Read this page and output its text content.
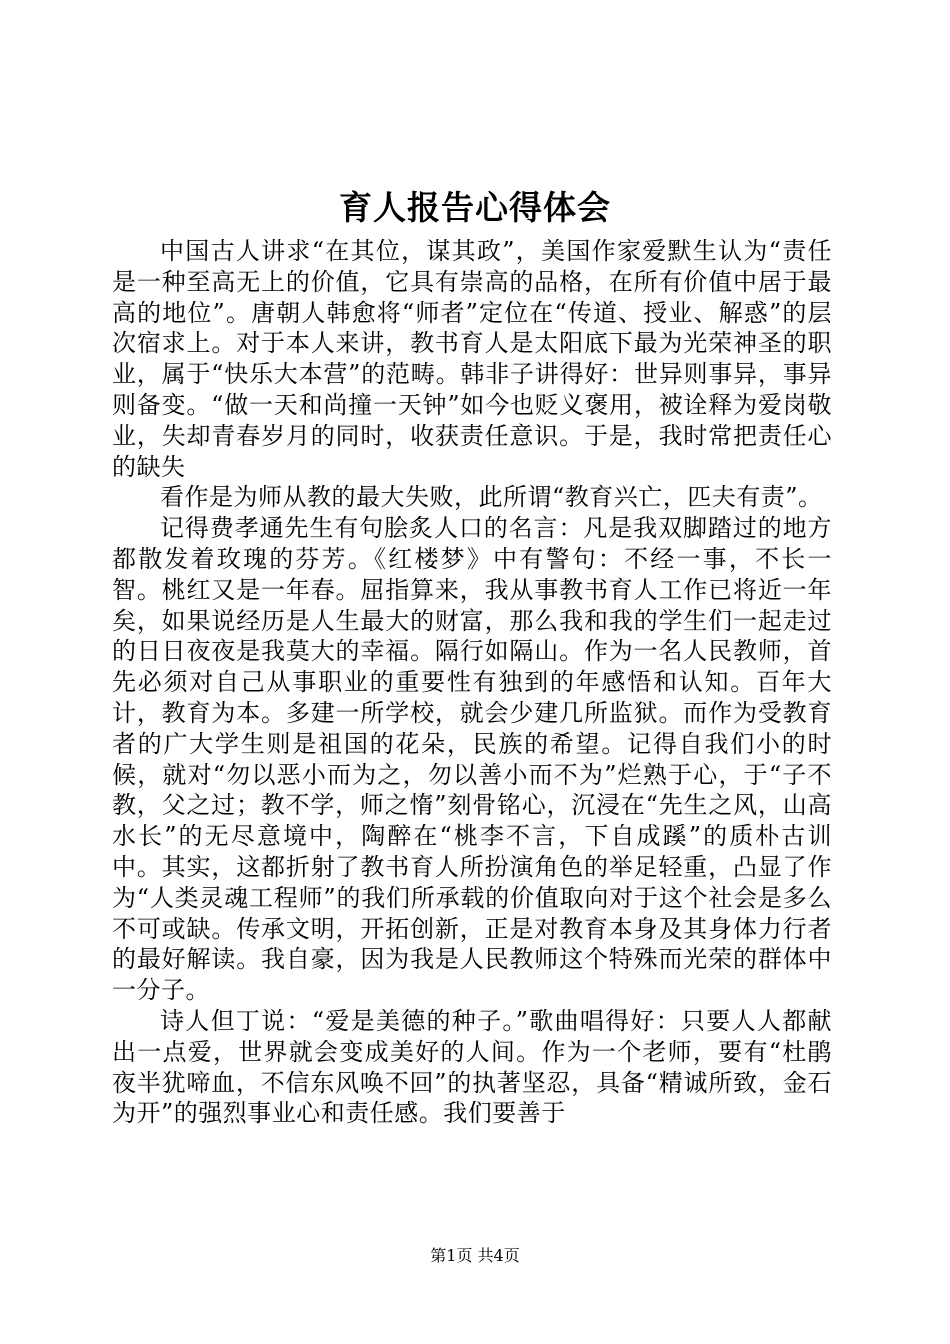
育人报告心得体会

中国古人讲求“在其位，谋其政”，美国作家爱默生认为“责任是一种至高无上的价值，它具有崇高的品格，在所有价值中居于最高的地位”。唐朝人韩愈将“师者”定位在“传道、授业、解惑”的层次宿求上。对于本人来讲，教书育人是太阳底下最为光荣神圣的职业，属于“快乐大本营”的范畴。韩非子讲得好：世异则事异，事异则备变。“做一天和尚撞一天钟”如今也贬义褒用，被诠释为爱岗敬业，失却青春岁月的同时，收获责任意识。于是，我时常把责任心的缺失

看作是为师从教的最大失败，此所谓“教育兴亡，匹夫有责”。

记得费孝通先生有句脍炙人口的名言：凡是我双脚踏过的地方都散发着玫瑰的芬芳。《红楼梦》中有警句：不经一事，不长一智。桃红又是一年春。屈指算来，我从事教书育人工作已将近一年矣，如果说经历是人生最大的财富，那么我和我的学生们一起走过的日日夜夜是我莫大的幸福。隔行如隔山。作为一名人民教师，首先必须对自己从事职业的重要性有独到的年感悟和认知。百年大计，教育为本。多建一所学校，就会少建几所监狱。而作为受教育者的广大学生则是祖国的花朵，民族的希望。记得自我们小的时候，就对“勿以恶小而为之，勿以善小而不为”烂熟于心，于“子不教，父之过；教不学，师之惰”刻骨铭心，沉浸在“先生之风，山高水长”的无尽意境中，陶醉在“桃李不言，下自成蹊”的质朴古训中。其实，这都折射了教书育人所扮演角色的举足轻重，凸显了作为“人类灵魂工程师”的我们所承载的价值取向对于这个社会是多么不可或缺。传承文明，开拓创新，正是对教育本身及其身体力行者的最好解读。我自豪，因为我是人民教师这个特殊而光荣的群体中一分子。

诗人但丁说：“爱是美德的种子。”歌曲唱得好：只要人人都献出一点爱，世界就会变成美好的人间。作为一个老师，要有“杜鹃夜半犹啼血，不信东风唤不回”的执著坚忍，具备“精诚所致，金石为开”的强烈事业心和责任感。我们要善于

第1页 共4页
